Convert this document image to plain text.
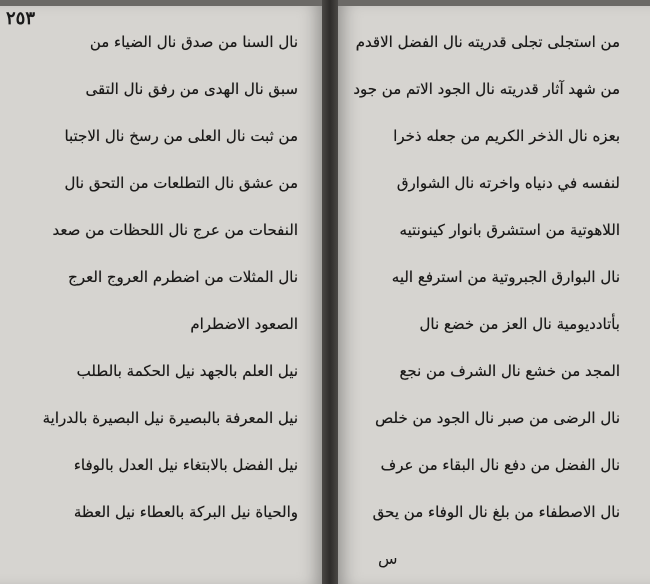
٢٥٣
نال السنا من صدق نال الضياء من
سبق نال الهدى من رفق نال التقى
من ثبت نال العلى من رسخ نال الاجتبا
من عشق نال التطلعات من التحق نال
النفحات من عرج نال اللحظات من صعد
نال المثلات من اضطرم العروج العرج
الصعود الاضطرام
نيل العلم بالجهد نيل الحكمة بالطلب
نيل المعرفة بالبصيرة نيل البصيرة بالدراية
نيل الفضل بالابتغاء نيل العدل بالوفاء
والحياة نيل البركة بالعطاء نيل العظة
من استجلى تجلى قدريته نال الفضل الاقدم
من شهد آثار قدريته نال الجود الاتم من جود
بعزه نال الذخر الكريم من جعله ذخرا
لنفسه في دنياه واخرته نال الشوارق
اللاهوتية من استشرق بانوار كينونتيه
نال البوارق الجبروتية من استرفع اليه
بأتادديومية نال العز من خضع نال
المجد من خشع نال الشرف من نجع
نال الرضى من صبر نال الجود من خلص
نال الفضل من دفع نال البقاء من عرف
نال الاصطفاء من بلغ نال الوفاء من يحق
س
